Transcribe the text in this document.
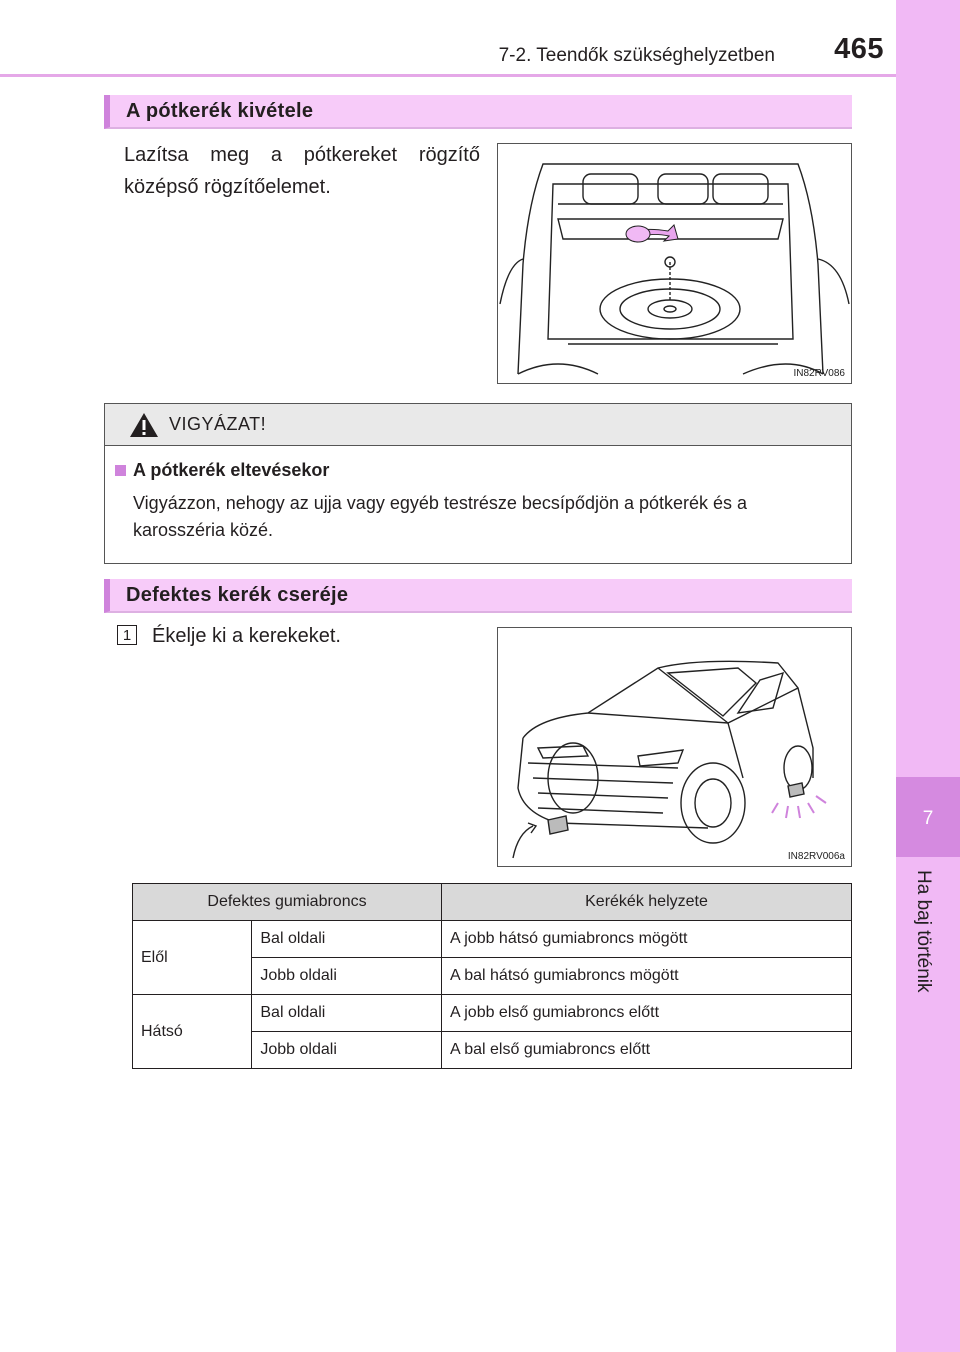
7-2. Teendők szükséghelyzetben 465
7
Ha baj történik
A pótkerék kivétele
Lazítsa meg a pótkereket rögzítő középső rögzítőelemet.
IN82RV086
VIGYÁZAT!
A pótkerék eltevésekor
Vigyázzon, nehogy az ujja vagy egyéb testrésze becsípődjön a pótkerék és a karosszéria közé.
Defektes kerék cseréje
1 Ékelje ki a kerekeket.
IN82RV006a
Defektes gumiabroncs		Kerékék helyzete
Elől	Bal oldali	A jobb hátsó gumiabroncs mögött
	Jobb oldali	A bal hátsó gumiabroncs mögött
Hátsó	Bal oldali	A jobb első gumiabroncs előtt
	Jobb oldali	A bal első gumiabroncs előtt
